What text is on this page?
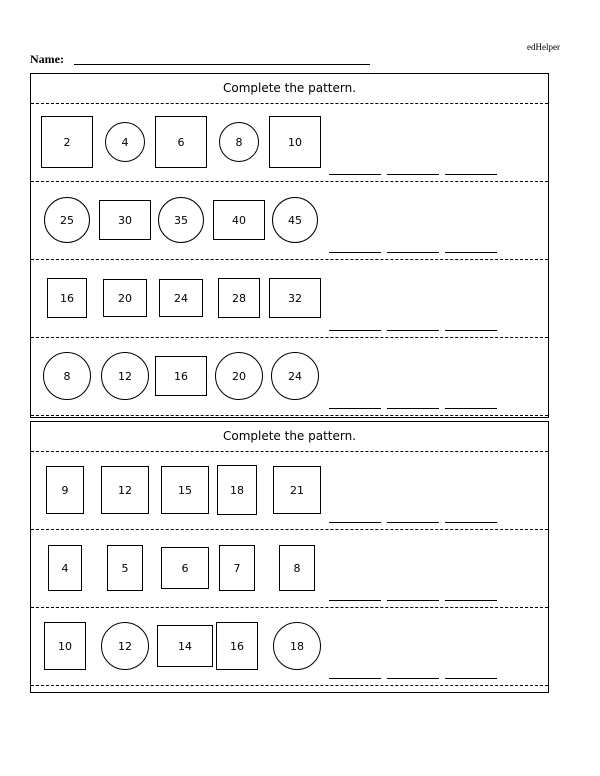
edHelper
Name:
Complete the pattern.
2	4	6	8	10
25	30	35	40	45
16	20	24	28	32
8	12	16	20	24
Complete the pattern.
9	12	15	18	21
4	5	6	7	8
10	12	14	16	18
